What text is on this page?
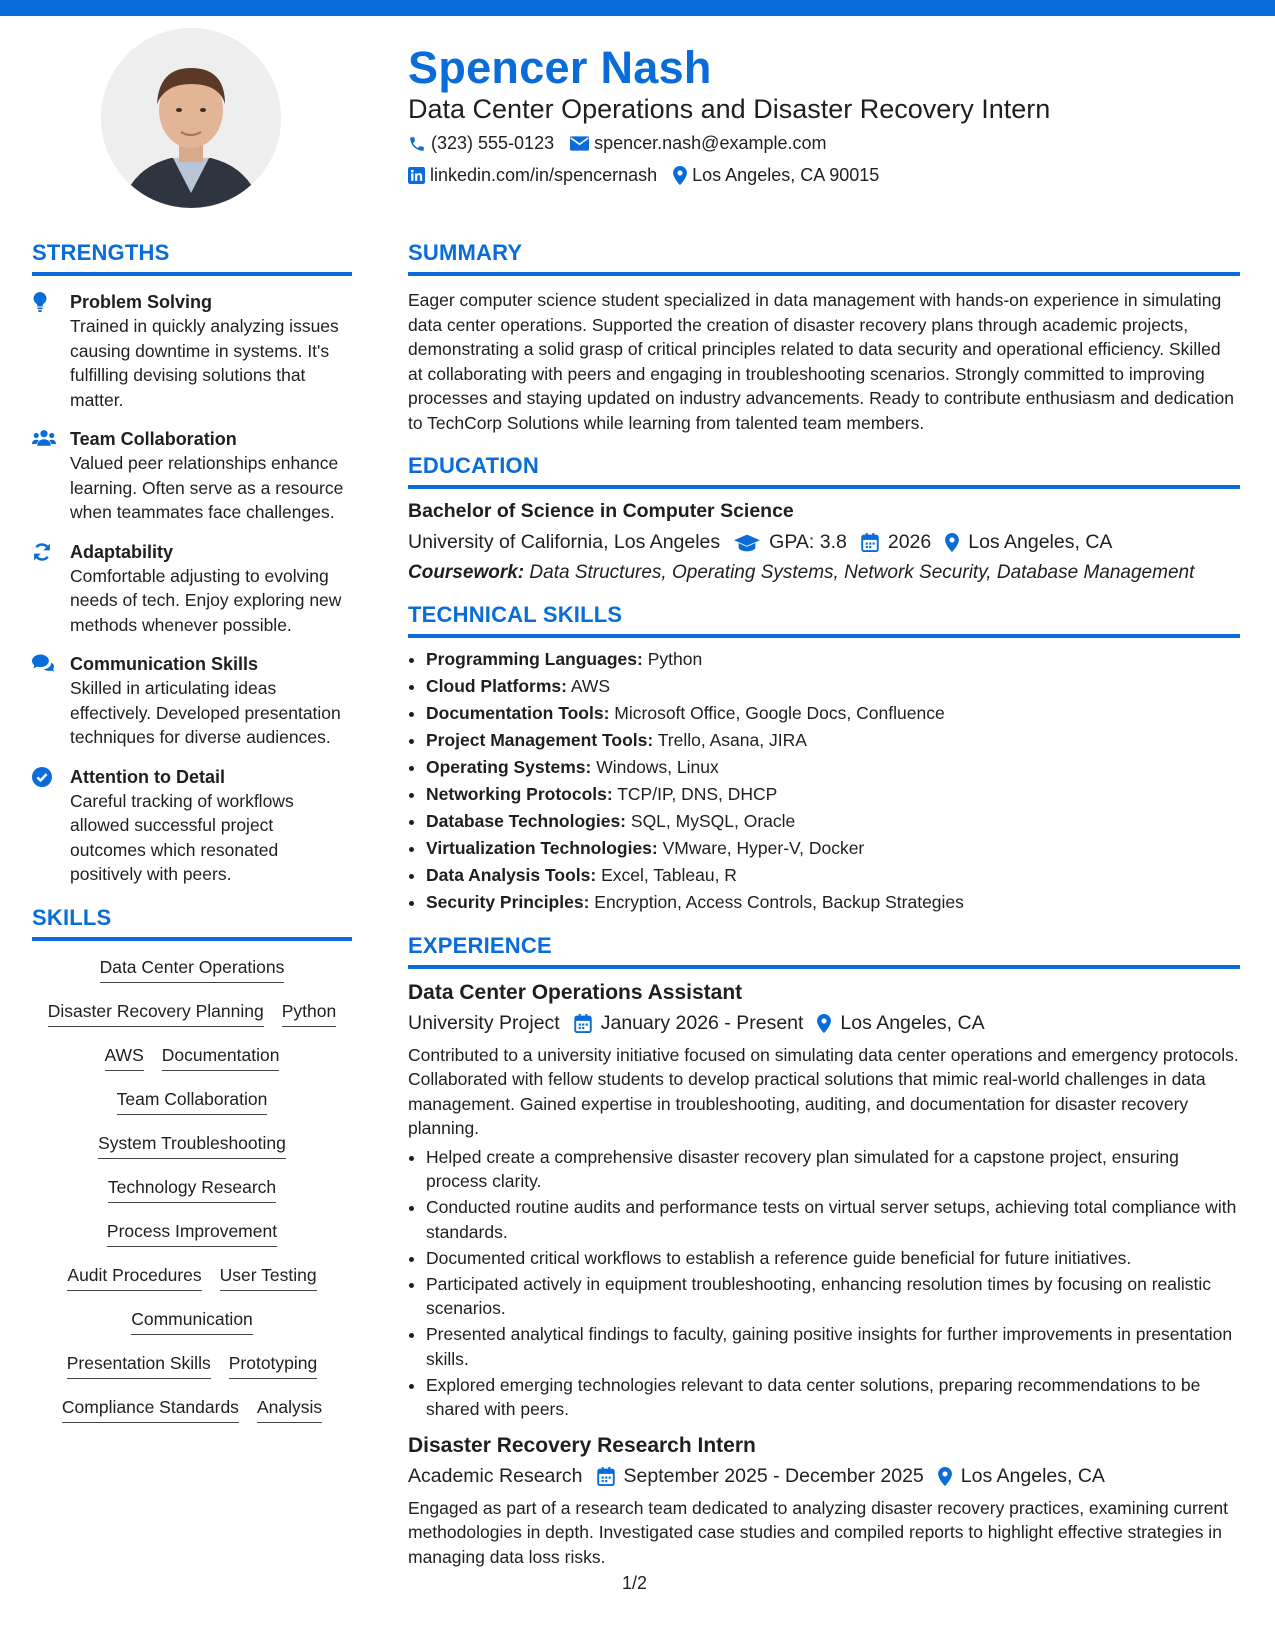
Spencer Nash
Data Center Operations and Disaster Recovery Intern
(323) 555-0123 spencer.nash@example.com
linkedin.com/in/spencernash Los Angeles, CA 90015
STRENGTHS
Problem Solving
Trained in quickly analyzing issues causing downtime in systems. It's fulfilling devising solutions that matter.
Team Collaboration
Valued peer relationships enhance learning. Often serve as a resource when teammates face challenges.
Adaptability
Comfortable adjusting to evolving needs of tech. Enjoy exploring new methods whenever possible.
Communication Skills
Skilled in articulating ideas effectively. Developed presentation techniques for diverse audiences.
Attention to Detail
Careful tracking of workflows allowed successful project outcomes which resonated positively with peers.
SKILLS
Data Center Operations
Disaster Recovery Planning Python
AWS Documentation
Team Collaboration
System Troubleshooting
Technology Research
Process Improvement
Audit Procedures User Testing
Communication
Presentation Skills Prototyping
Compliance Standards Analysis
SUMMARY
Eager computer science student specialized in data management with hands-on experience in simulating data center operations. Supported the creation of disaster recovery plans through academic projects, demonstrating a solid grasp of critical principles related to data security and operational efficiency. Skilled at collaborating with peers and engaging in troubleshooting scenarios. Strongly committed to improving processes and staying updated on industry advancements. Ready to contribute enthusiasm and dedication to TechCorp Solutions while learning from talented team members.
EDUCATION
Bachelor of Science in Computer Science
University of California, Los Angeles	GPA: 3.8 2026 Los Angeles, CA
Coursework: Data Structures, Operating Systems, Network Security, Database Management
TECHNICAL SKILLS
• Programming Languages: Python
• Cloud Platforms: AWS
• Documentation Tools: Microsoft Office, Google Docs, Confluence
• Project Management Tools: Trello, Asana, JIRA
• Operating Systems: Windows, Linux
• Networking Protocols: TCP/IP, DNS, DHCP
• Database Technologies: SQL, MySQL, Oracle
• Virtualization Technologies: VMware, Hyper-V, Docker
• Data Analysis Tools: Excel, Tableau, R
• Security Principles: Encryption, Access Controls, Backup Strategies
EXPERIENCE
Data Center Operations Assistant
University Project January 2026 - Present Los Angeles, CA
Contributed to a university initiative focused on simulating data center operations and emergency protocols. Collaborated with fellow students to develop practical solutions that mimic real-world challenges in data management. Gained expertise in troubleshooting, auditing, and documentation for disaster recovery planning.
• Helped create a comprehensive disaster recovery plan simulated for a capstone project, ensuring process clarity.
• Conducted routine audits and performance tests on virtual server setups, achieving total compliance with standards.
• Documented critical workflows to establish a reference guide beneficial for future initiatives.
• Participated actively in equipment troubleshooting, enhancing resolution times by focusing on realistic scenarios.
• Presented analytical findings to faculty, gaining positive insights for further improvements in presentation skills.
• Explored emerging technologies relevant to data center solutions, preparing recommendations to be shared with peers.
Disaster Recovery Research Intern
Academic Research September 2025 - December 2025 Los Angeles, CA
Engaged as part of a research team dedicated to analyzing disaster recovery practices, examining current methodologies in depth. Investigated case studies and compiled reports to highlight effective strategies in managing data loss risks.
1/2
